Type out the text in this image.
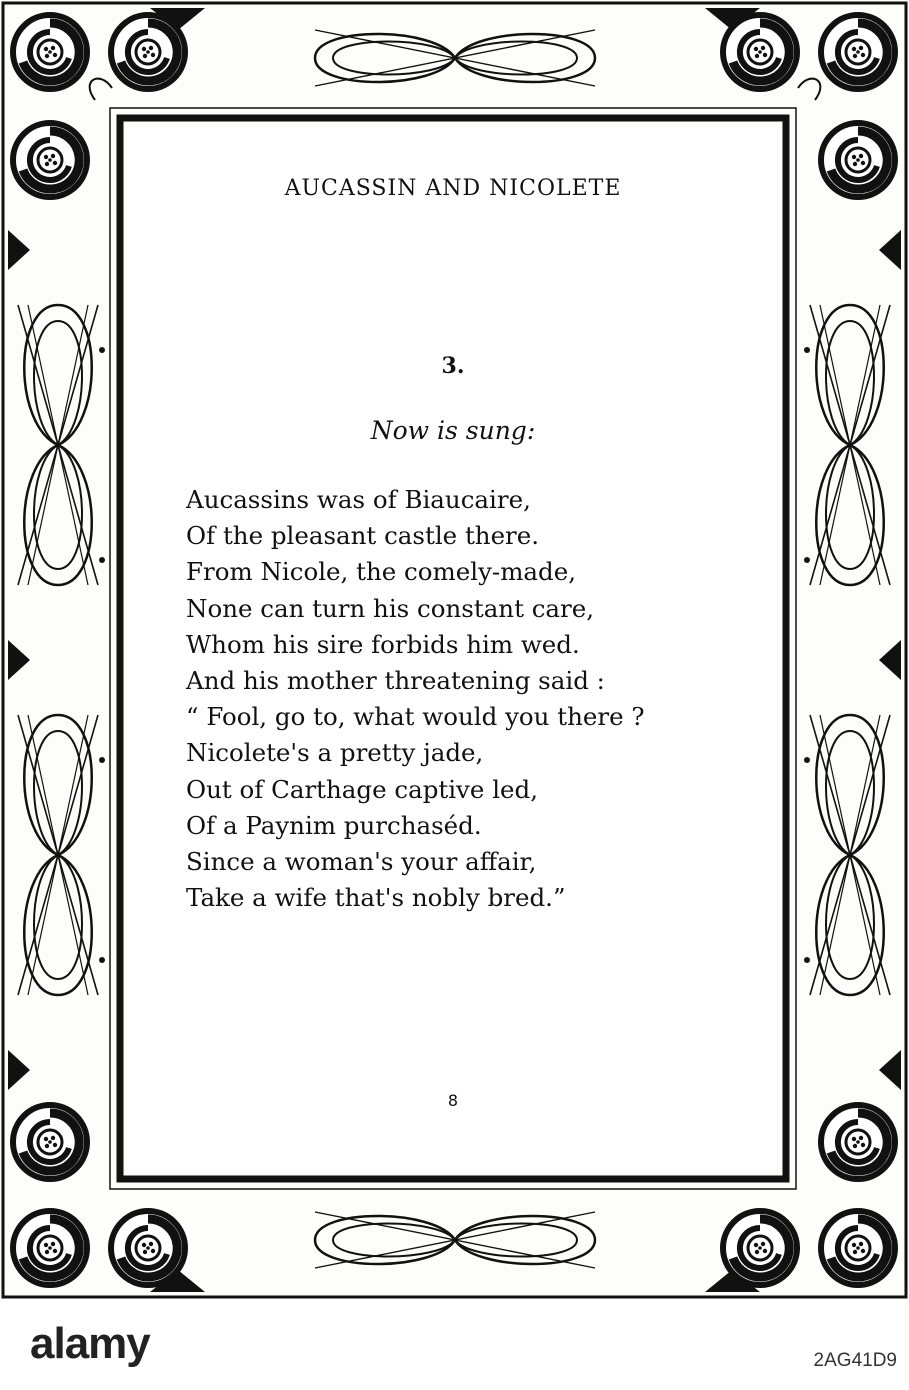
AUCASSIN AND NICOLETE
3.
Now is sung:
Aucassins was of Biaucaire,
Of the pleasant castle there.
From Nicole, the comely-made,
None can turn his constant care,
Whom his sire forbids him wed.
And his mother threatening said :
“ Fool, go to, what would you there ?
Nicolete's a pretty jade,
Out of Carthage captive led,
Of a Paynim purchaséd.
Since a woman's your affair,
Take a wife that's nobly bred.”
8
alamy	2AG41D9
